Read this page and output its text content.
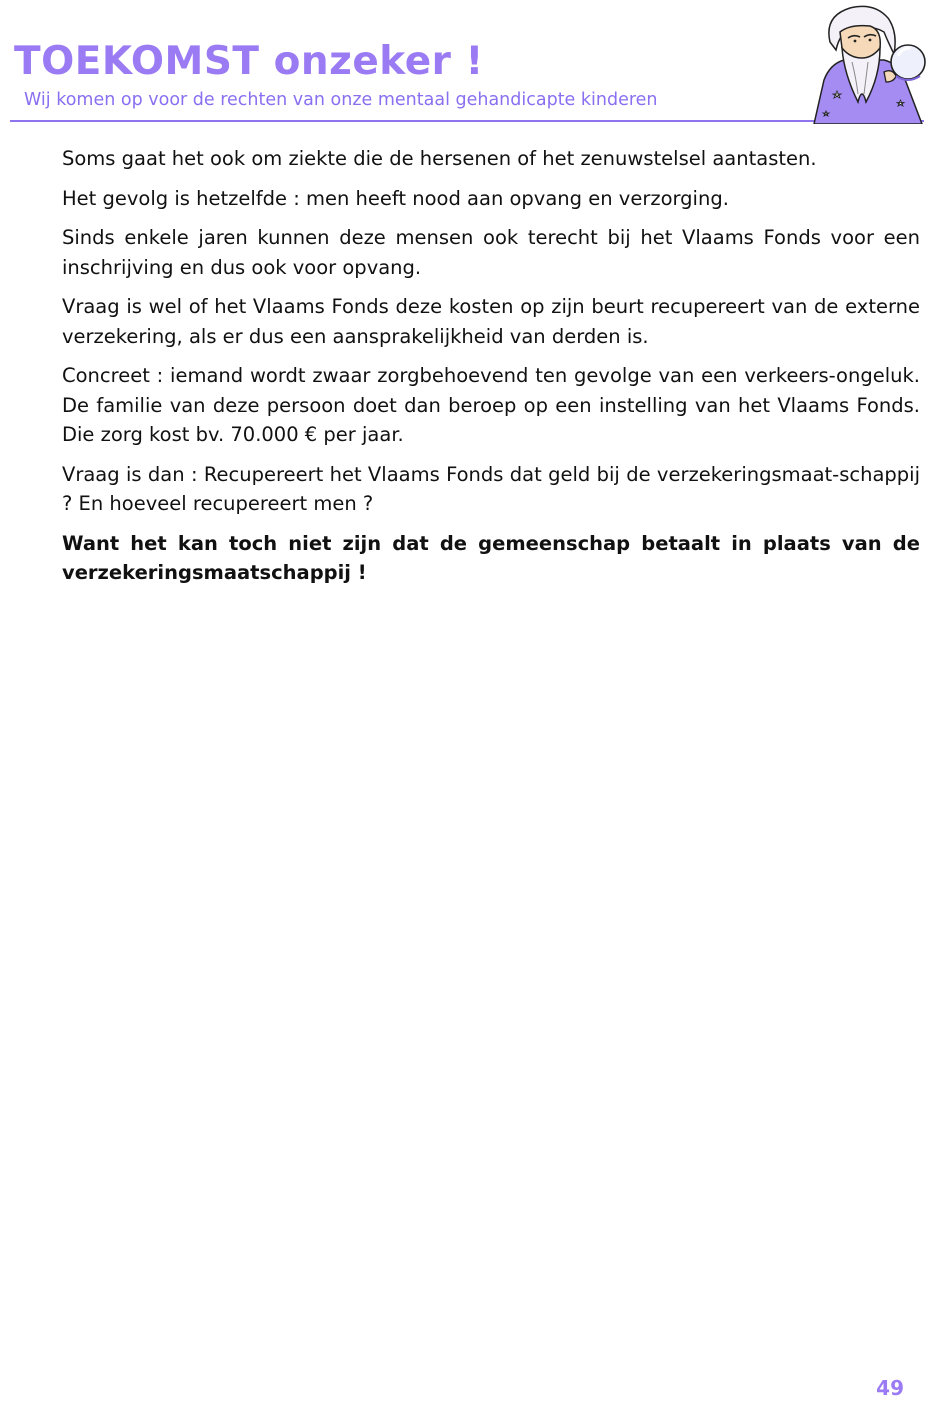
TOEKOMST onzeker !
Wij komen op voor de rechten van onze mentaal gehandicapte kinderen

Soms gaat het ook om ziekte die de hersenen of het zenuwstelsel aantasten.

Het gevolg is hetzelfde : men heeft nood aan opvang en verzorging.

Sinds enkele jaren kunnen deze mensen ook terecht bij het Vlaams Fonds voor een inschrijving en dus ook voor opvang.

Vraag is wel of het Vlaams Fonds deze kosten op zijn beurt recupereert van de externe verzekering, als er dus een aansprakelijkheid van derden is.

Concreet : iemand wordt zwaar zorgbehoevend ten gevolge van een verkeers-ongeluk. De familie van deze persoon doet dan beroep op een instelling van het Vlaams Fonds. Die zorg kost bv. 70.000 € per jaar.

Vraag is dan : Recupereert het Vlaams Fonds dat geld bij de verzekeringsmaat-schappij ? En hoeveel recupereert men ?

Want het kan toch niet zijn dat de gemeenschap betaalt in plaats van de verzekeringsmaatschappij !

49
